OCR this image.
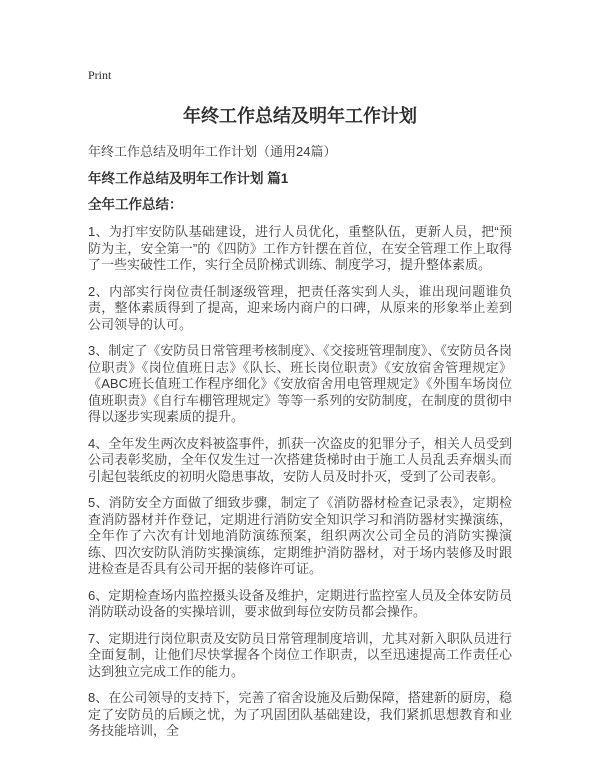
Print
年终工作总结及明年工作计划
年终工作总结及明年工作计划（通用24篇）
年终工作总结及明年工作计划 篇1
全年工作总结：

1、为打牢安防队基础建设，进行人员优化，重整队伍，更新人员，把“预防为主，安全第一”的《四防》工作方针摆在首位，在安全管理工作上取得了一些实破性工作，实行全员阶梯式训练、制度学习，提升整体素质。

2、内部实行岗位责任制逐级管理，把责任落实到人头，谁出现问题谁负责，整体素质得到了提高，迎来场内商户的口碑，从原来的形象举止差到公司领导的认可。

3、制定了《安防员日常管理考核制度》、《交接班管理制度》、《安防员各岗位职责》《岗位值班日志》《队长、班长岗位职责》《安放宿舍管理规定》《ABC班长值班工作程序细化》《安放宿舍用电管理规定》《外围车场岗位值班职责》《自行车棚管理规定》等等一系列的安防制度，在制度的贯彻中得以逐步实现素质的提升。

4、全年发生两次皮料被盗事件，抓获一次盗皮的犯罪分子，相关人员受到公司表彰奖励，全年仅发生过一次搭建货梯时由于施工人员乱丢弃烟头而引起包装纸皮的初明火隐患事故，安防人员及时扑灭，受到了公司表彰。

5、消防安全方面做了细致步骤，制定了《消防器材检查记录表》，定期检查消防器材并作登记，定期进行消防安全知识学习和消防器材实操演练，全年作了六次有计划地消防演练预案，组织两次公司全员的消防实操演练、四次安防队消防实操演练，定期维护消防器材，对于场内装修及时跟进检查是否具有公司开据的装修许可证。

6、定期检查场内监控摄头设备及维护，定期进行监控室人员及全体安防员消防联动设备的实操培训，要求做到每位安防员都会操作。

7、定期进行岗位职责及安防员日常管理制度培训，尤其对新入职队员进行全面复制，让他们尽快掌握各个岗位工作职责，以至迅速提高工作责任心达到独立完成工作的能力。

8、在公司领导的支持下，完善了宿舍设施及后勤保障，搭建新的厨房，稳定了安防员的后顾之忧，为了巩固团队基础建设，我们紧抓思想教育和业务技能培训，全
